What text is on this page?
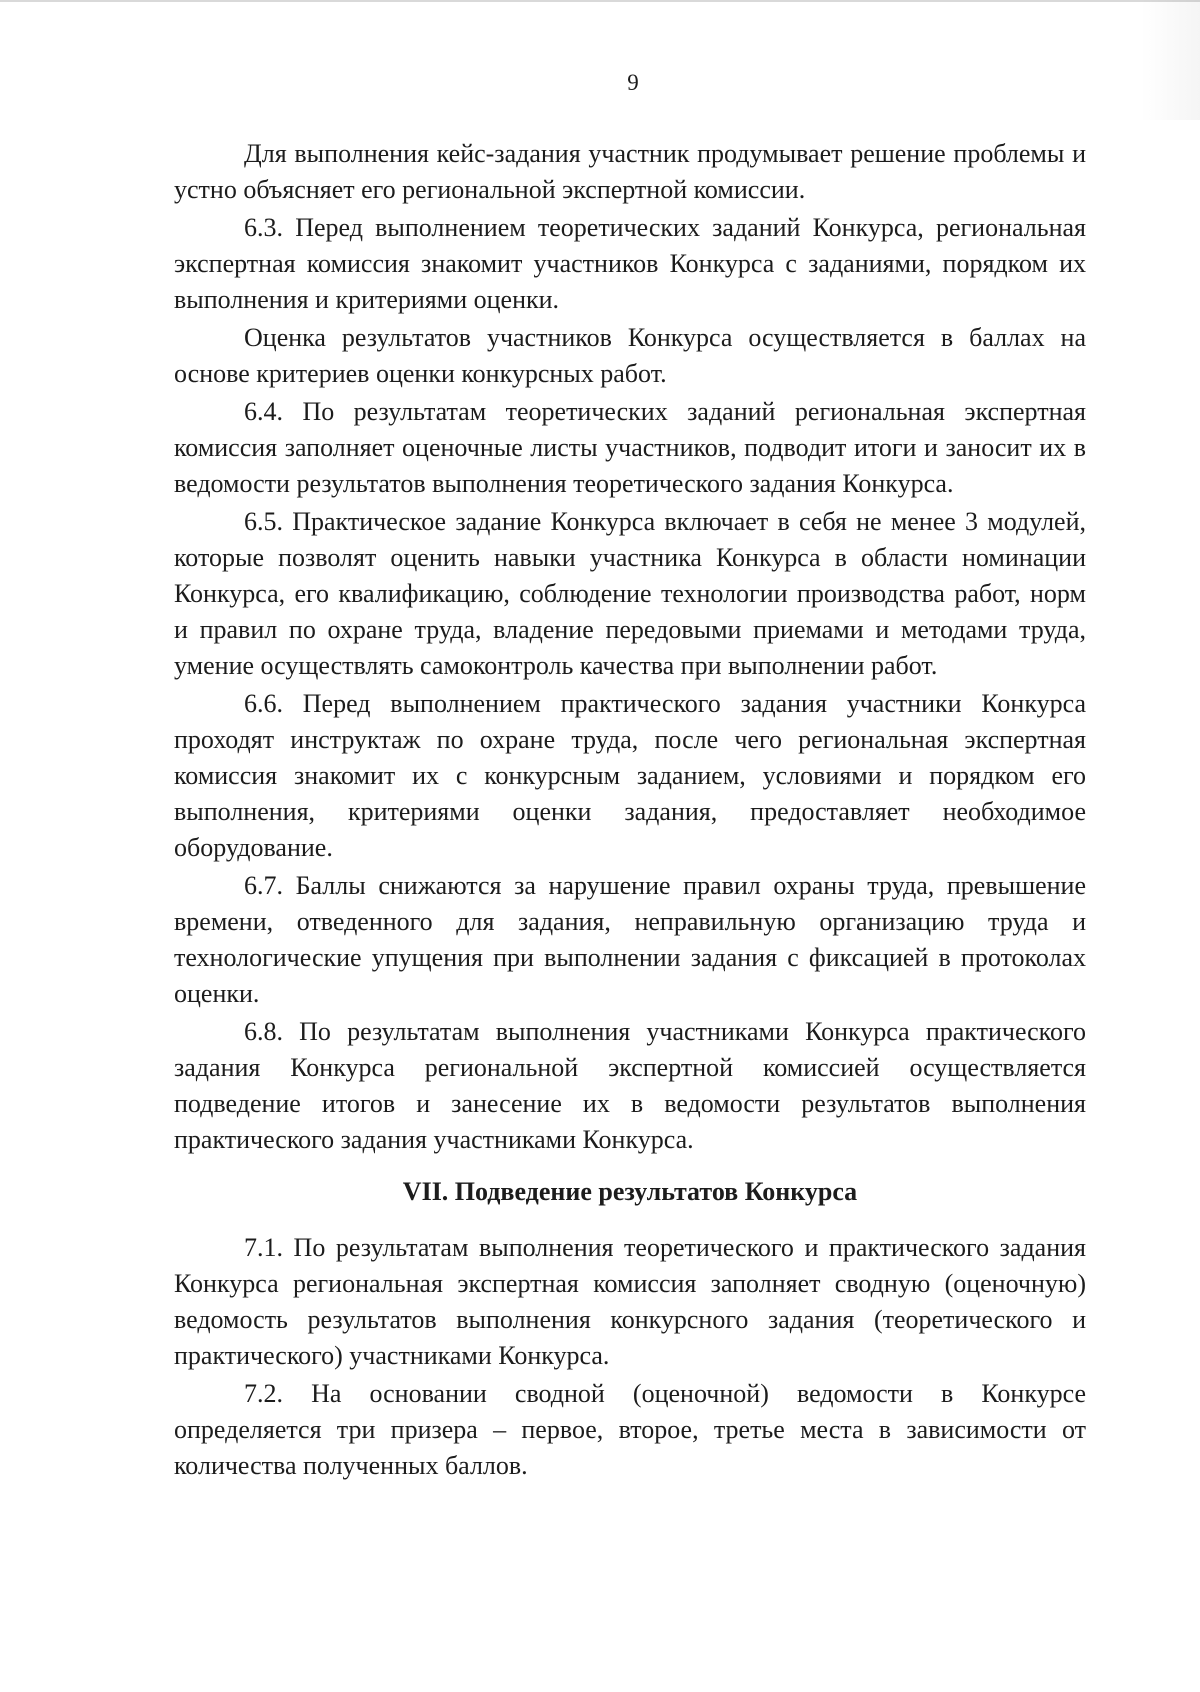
9

Для выполнения кейс-задания участник продумывает решение проблемы и устно объясняет его региональной экспертной комиссии.

6.3. Перед выполнением теоретических заданий Конкурса, региональная экспертная комиссия знакомит участников Конкурса с заданиями, порядком их выполнения и критериями оценки.

Оценка результатов участников Конкурса осуществляется в баллах на основе критериев оценки конкурсных работ.

6.4. По результатам теоретических заданий региональная экспертная комиссия заполняет оценочные листы участников, подводит итоги и заносит их в ведомости результатов выполнения теоретического задания Конкурса.

6.5. Практическое задание Конкурса включает в себя не менее 3 модулей, которые позволят оценить навыки участника Конкурса в области номинации Конкурса, его квалификацию, соблюдение технологии производства работ, норм и правил по охране труда, владение передовыми приемами и методами труда, умение осуществлять самоконтроль качества при выполнении работ.

6.6. Перед выполнением практического задания участники Конкурса проходят инструктаж по охране труда, после чего региональная экспертная комиссия знакомит их с конкурсным заданием, условиями и порядком его выполнения, критериями оценки задания, предоставляет необходимое оборудование.

6.7. Баллы снижаются за нарушение правил охраны труда, превышение времени, отведенного для задания, неправильную организацию труда и технологические упущения при выполнении задания с фиксацией в протоколах оценки.

6.8. По результатам выполнения участниками Конкурса практического задания Конкурса региональной экспертной комиссией осуществляется подведение итогов и занесение их в ведомости результатов выполнения практического задания участниками Конкурса.

VII. Подведение результатов Конкурса

7.1. По результатам выполнения теоретического и практического задания Конкурса региональная экспертная комиссия заполняет сводную (оценочную) ведомость результатов выполнения конкурсного задания (теоретического и практического) участниками Конкурса.

7.2. На основании сводной (оценочной) ведомости в Конкурсе определяется три призера – первое, второе, третье места в зависимости от количества полученных баллов.
